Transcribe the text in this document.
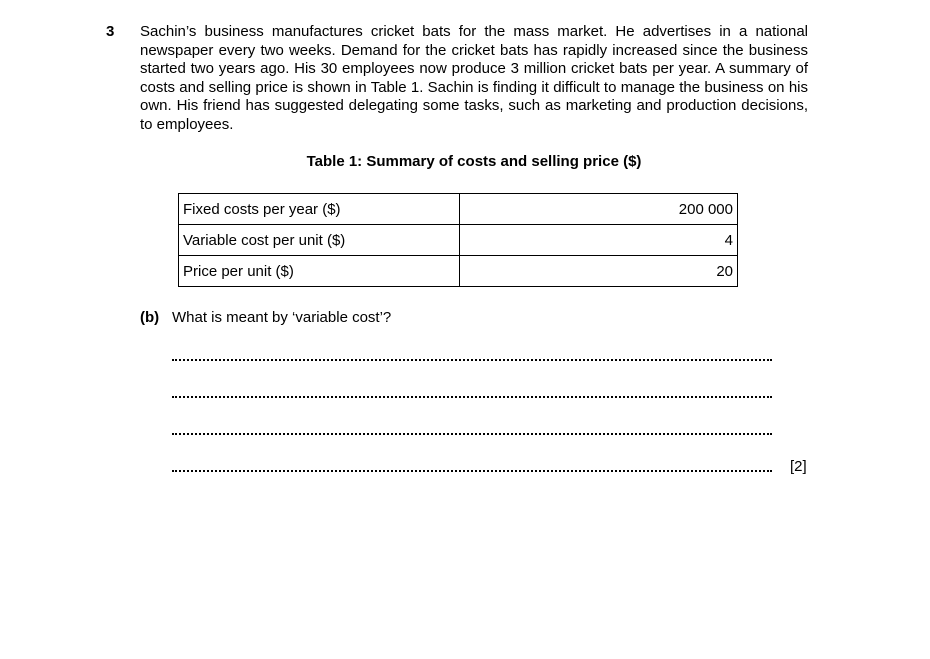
3 Sachin’s business manufactures cricket bats for the mass market. He advertises in a national newspaper every two weeks. Demand for the cricket bats has rapidly increased since the business started two years ago. His 30 employees now produce 3 million cricket bats per year. A summary of costs and selling price is shown in Table 1. Sachin is finding it difficult to manage the business on his own. His friend has suggested delegating some tasks, such as marketing and production decisions, to employees.

Table 1: Summary of costs and selling price ($)
Fixed costs per year ($)	200 000
Variable cost per unit ($)	4
Price per unit ($)	20
(b) What is meant by ‘variable cost’?
[2]
